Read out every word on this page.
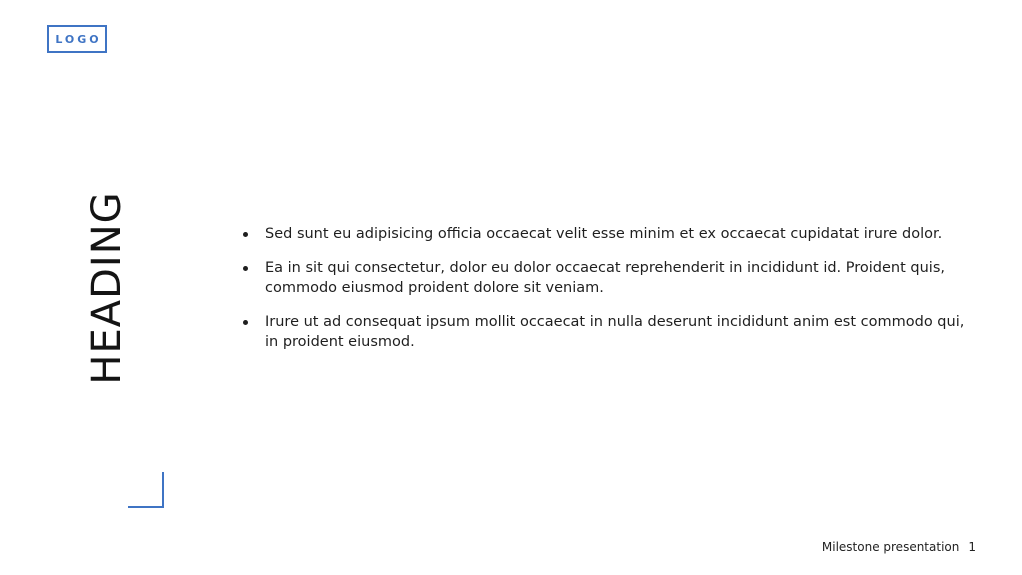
LOGO
HEADING	Sed sunt eu adipisicing officia occaecat velit esse minim et ex occaecat cupidatat irure dolor.
Ea in sit qui consectetur, dolor eu dolor occaecat reprehenderit in incididunt id. Proident quis, commodo eiusmod proident dolore sit veniam.
Irure ut ad consequat ipsum mollit occaecat in nulla deserunt incididunt anim est commodo qui, in proident eiusmod.
Milestone presentation 1
